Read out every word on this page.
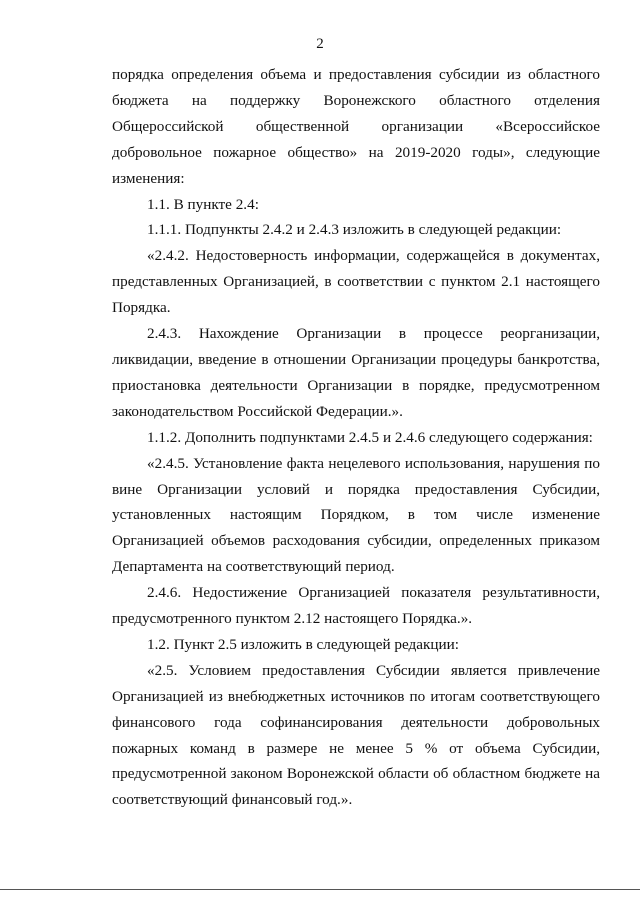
2

порядка определения объема и предоставления субсидии из областного бюджета на поддержку Воронежского областного отделения Общероссийской общественной организации «Всероссийское добровольное пожарное общество» на 2019-2020 годы», следующие изменения:

1.1. В пункте 2.4:

1.1.1. Подпункты 2.4.2 и 2.4.3 изложить в следующей редакции:

«2.4.2. Недостоверность информации, содержащейся в документах, представленных Организацией, в соответствии с пунктом 2.1 настоящего Порядка.

2.4.3. Нахождение Организации в процессе реорганизации, ликвидации, введение в отношении Организации процедуры банкротства, приостановка деятельности Организации в порядке, предусмотренном законодательством Российской Федерации.».

1.1.2. Дополнить подпунктами 2.4.5 и 2.4.6 следующего содержания:

«2.4.5. Установление факта нецелевого использования, нарушения по вине Организации условий и порядка предоставления Субсидии, установленных настоящим Порядком, в том числе изменение Организацией объемов расходования субсидии, определенных приказом Департамента на соответствующий период.

2.4.6. Недостижение Организацией показателя результативности, предусмотренного пунктом 2.12 настоящего Порядка.».

1.2. Пункт 2.5 изложить в следующей редакции:

«2.5. Условием предоставления Субсидии является привлечение Организацией из внебюджетных источников по итогам соответствующего финансового года софинансирования деятельности добровольных пожарных команд в размере не менее 5 % от объема Субсидии, предусмотренной законом Воронежской области об областном бюджете на соответствующий финансовый год.».
